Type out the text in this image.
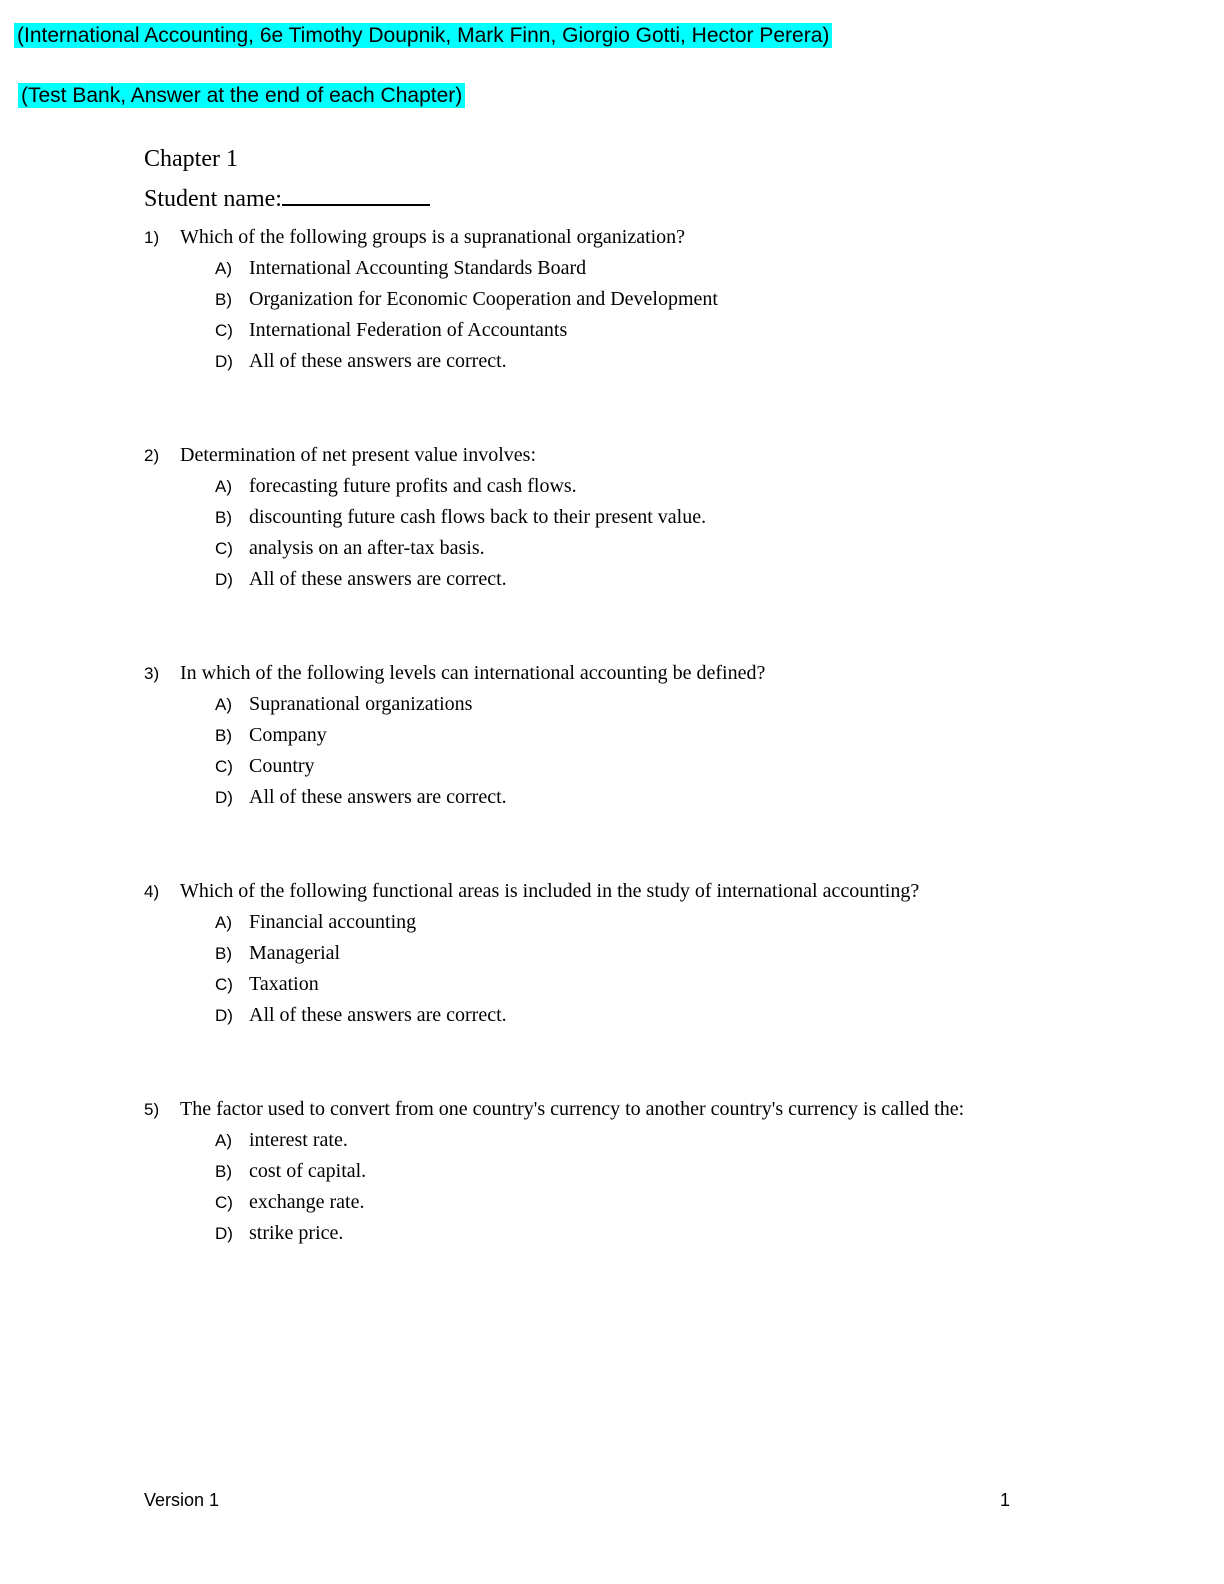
(International Accounting, 6e Timothy Doupnik, Mark Finn, Giorgio Gotti, Hector Perera)
(Test Bank, Answer at the end of each Chapter)
Chapter 1
Student name:
1)	Which of the following groups is a supranational organization?
A) International Accounting Standards Board
B) Organization for Economic Cooperation and Development
C) International Federation of Accountants
D) All of these answers are correct.
2)	Determination of net present value involves:
A) forecasting future profits and cash flows.
B) discounting future cash flows back to their present value.
C) analysis on an after-tax basis.
D) All of these answers are correct.
3)	In which of the following levels can international accounting be defined?
A) Supranational organizations
B) Company
C) Country
D) All of these answers are correct.
4)	Which of the following functional areas is included in the study of international accounting?
A) Financial accounting
B) Managerial
C) Taxation
D) All of these answers are correct.
5)	The factor used to convert from one country's currency to another country's currency is called the:
A) interest rate.
B) cost of capital.
C) exchange rate.
D) strike price.
Version 1	1
